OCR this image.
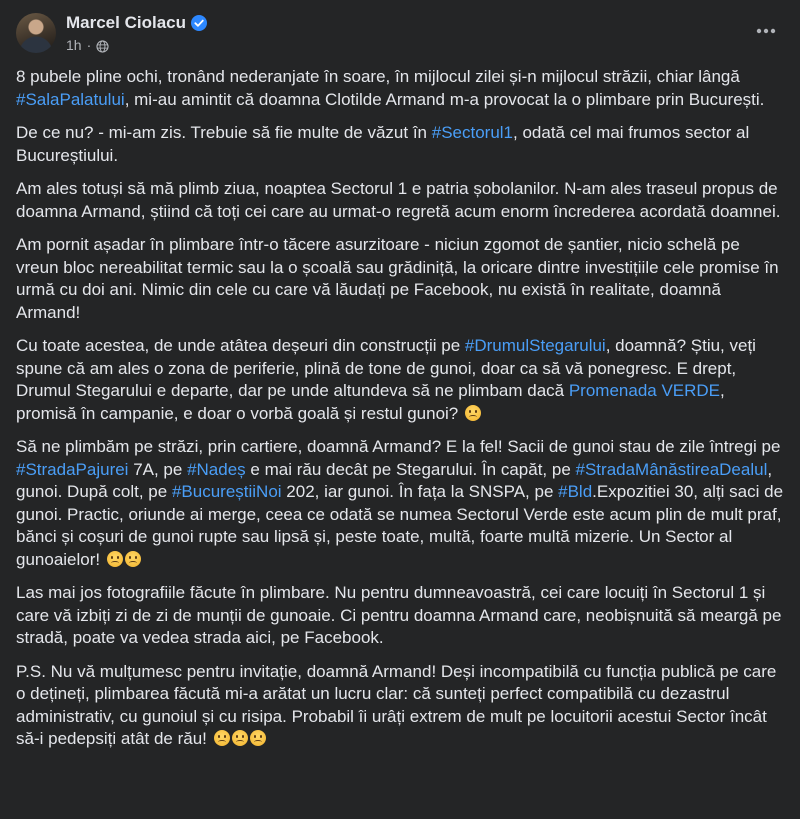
Marcel Ciolacu
1h ·

8 pubele pline ochi, tronând nederanjate în soare, în mijlocul zilei și-n mijlocul străzii, chiar lângă #SalaPalatului, mi-au amintit că doamna Clotilde Armand m-a provocat la o plimbare prin București.

De ce nu? - mi-am zis. Trebuie să fie multe de văzut în #Sectorul1, odată cel mai frumos sector al Bucureștiului.

Am ales totuși să mă plimb ziua, noaptea Sectorul 1 e patria șobolanilor. N-am ales traseul propus de doamna Armand, știind că toți cei care au urmat-o regretă acum enorm încrederea acordată doamnei.

Am pornit așadar în plimbare într-o tăcere asurzitoare - niciun zgomot de șantier, nicio schelă pe vreun bloc nereabilitat termic sau la o școală sau grădiniță, la oricare dintre investițiile cele promise în urmă cu doi ani. Nimic din cele cu care vă lăudați pe Facebook, nu există în realitate, doamnă Armand!

Cu toate acestea, de unde atâtea deșeuri din construcții pe #DrumulStegarului, doamnă? Știu, veți spune că am ales o zona de periferie, plină de tone de gunoi, doar ca să vă ponegresc. E drept, Drumul Stegarului e departe, dar pe unde altundeva să ne plimbam dacă Promenada VERDE, promisă în campanie, e doar o vorbă goală și restul gunoi?

Să ne plimbăm pe străzi, prin cartiere, doamnă Armand? E la fel! Sacii de gunoi stau de zile întregi pe #StradaPajurei 7A, pe #Nadeș e mai rău decât pe Stegarului. În capăt, pe #StradaMânăstireaDealul, gunoi. După colt, pe #BucureștiiNoi 202, iar gunoi. În fața la SNSPA, pe #Bld.Expozitiei 30, alți saci de gunoi. Practic, oriunde ai merge, ceea ce odată se numea Sectorul Verde este acum plin de mult praf, bănci și coșuri de gunoi rupte sau lipsă și, peste toate, multă, foarte multă mizerie. Un Sector al gunoaielor!

Las mai jos fotografiile făcute în plimbare. Nu pentru dumneavoastră, cei care locuiți în Sectorul 1 și care vă izbiți zi de zi de munții de gunoaie. Ci pentru doamna Armand care, neobișnuită să meargă pe stradă, poate va vedea strada aici, pe Facebook.

P.S. Nu vă mulțumesc pentru invitație, doamnă Armand! Deși incompatibilă cu funcția publică pe care o dețineți, plimbarea făcută mi-a arătat un lucru clar: că sunteți perfect compatibilă cu dezastrul administrativ, cu gunoiul și cu risipa. Probabil îi urâți extrem de mult pe locuitorii acestui Sector încât să-i pedepsiți atât de rău!
